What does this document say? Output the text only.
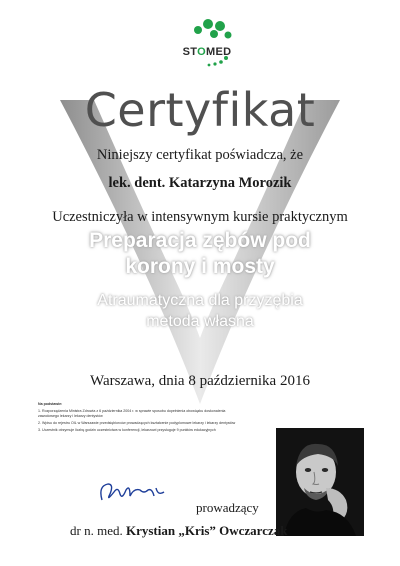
STOMED
Certyfikat
Niniejszy certyfikat poświadcza, że
lek. dent. Katarzyna Morozik
Uczestniczyła w intensywnym kursie praktycznym
Preparacja zębów pod
korony i mosty
Atraumatyczna dla przyzębia
metoda własna
Warszawa, dnia 8 października 2016
Na podstawie:

1. Rozporządzenia Ministra Zdrowia z 6 października 2004 r. w sprawie sposobu dopełnienia obowiązku doskonalenia zawodowego lekarzy i lekarzy dentystów

2. Wpisu do rejestru OIL w Warszawie przedsiębiorców prowadzących kształcenie podyplomowe lekarzy i lekarzy dentystów

3. Uczestnik otrzymuje liczbę godzin uczestnictwa w konferencji, lekarzowi przysługuje 9 punktów edukacyjnych

prowadzący
dr n. med. Krystian „Kris” Owczarczak
